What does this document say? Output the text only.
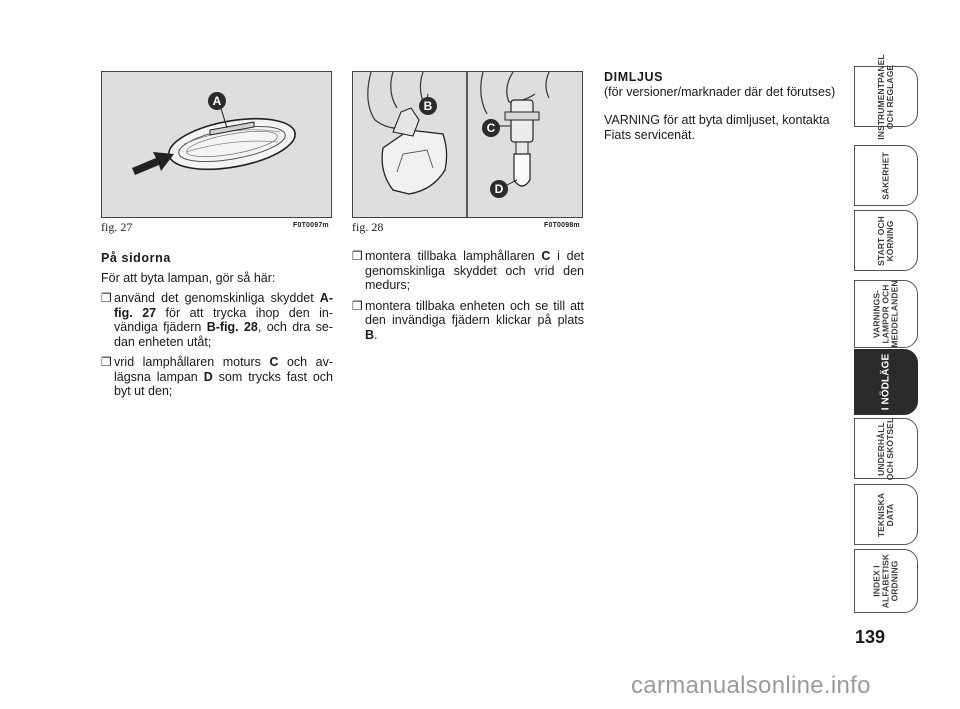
A
fig. 27	F0T0097m
B
C
D
fig. 28	F0T0098m

På sidorna

För att byta lampan, gör så här:

❒ använd det genomskinliga skyddet A-fig. 27 för att trycka ihop den in-vändiga fjädern B-fig. 28, och dra se-dan enheten utåt;
❒ vrid lamphållaren moturs C och av-lägsna lampan D som trycks fast och byt ut den;
❒ montera tillbaka lamphållaren C i det genomskinliga skyddet och vrid den medurs;
❒ montera tillbaka enheten och se till att den invändiga fjädern klickar på plats B.

DIMLJUS

(för versioner/marknader där det förutses)

VARNING för att byta dimljuset, kontakta Fiats servicenät.	INSTRUMENTPANEL
OCH REGLAGE
SÄKERHET
START OCH
KÖRNING
VARNINGS-
LAMPOR OCH
MEDDELANDEN
I NÖDLÄGE
UNDERHÅLL
OCH SKÖTSEL
TEKNISKA
DATA
INDEX I
ALFABETISK
ORDNING
139
carmanualsonline.info
